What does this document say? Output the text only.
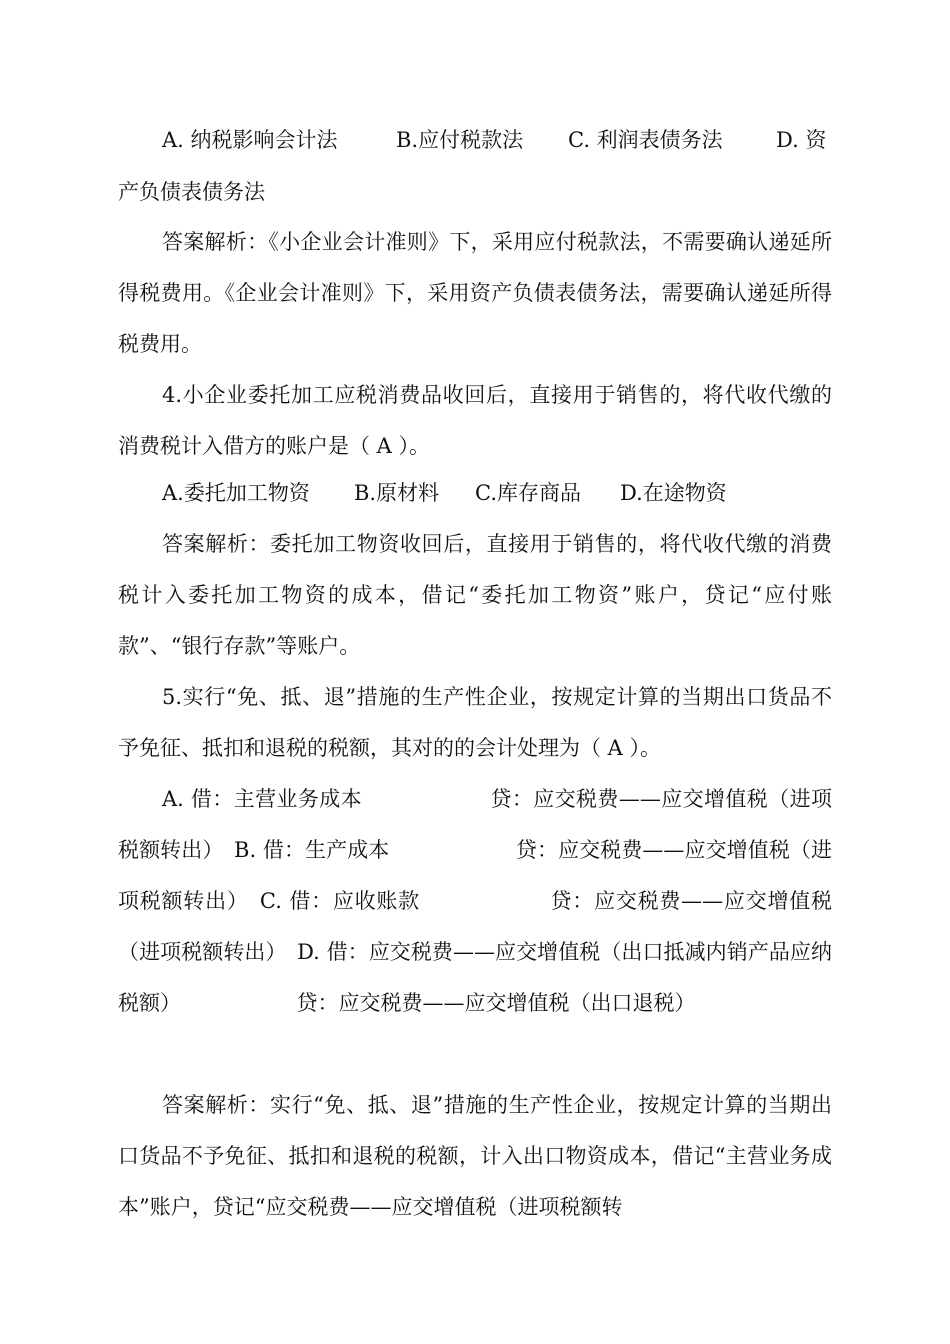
A. 纳税影响会计法	B.应付税款法 C. 利润表债务法	D. 资
产负债表债务法

答案解析：《小企业会计准则》下，采用应付税款法，不需要确认递延所得税费用。《企业会计准则》下，采用资产负债表债务法，需要确认递延所得税费用。

4.小企业委托加工应税消费品收回后，直接用于销售的，将代收代缴的消费税计入借方的账户是（ A ）。

A.委托加工物资 B.原材料 C.库存商品 D.在途物资

答案解析：委托加工物资收回后，直接用于销售的，将代收代缴的消费税计入委托加工物资的成本，借记“委托加工物资”账户，贷记“应付账款”、“银行存款”等账户。

5.实行“免、抵、退”措施的生产性企业，按规定计算的当期出口货品不予免征、抵扣和退税的税额，其对的的会计处理为（ A ）。

A. 借：主营业务成本　　　　　　贷：应交税费——应交增值税（进项税额转出）　B. 借：生产成本　　　　　　贷：应交税费——应交增值税（进项税额转出）　C. 借：应收账款　　　　　　贷：应交税费——应交增值税（进项税额转出）　D. 借：应交税费——应交增值税（出口抵减内销产品应纳税额）　　　　　　贷：应交税费——应交增值税（出口退税）

答案解析：实行“免、抵、退”措施的生产性企业，按规定计算的当期出口货品不予免征、抵扣和退税的税额，计入出口物资成本，借记“主营业务成本”账户，贷记“应交税费——应交增值税（进项税额转
